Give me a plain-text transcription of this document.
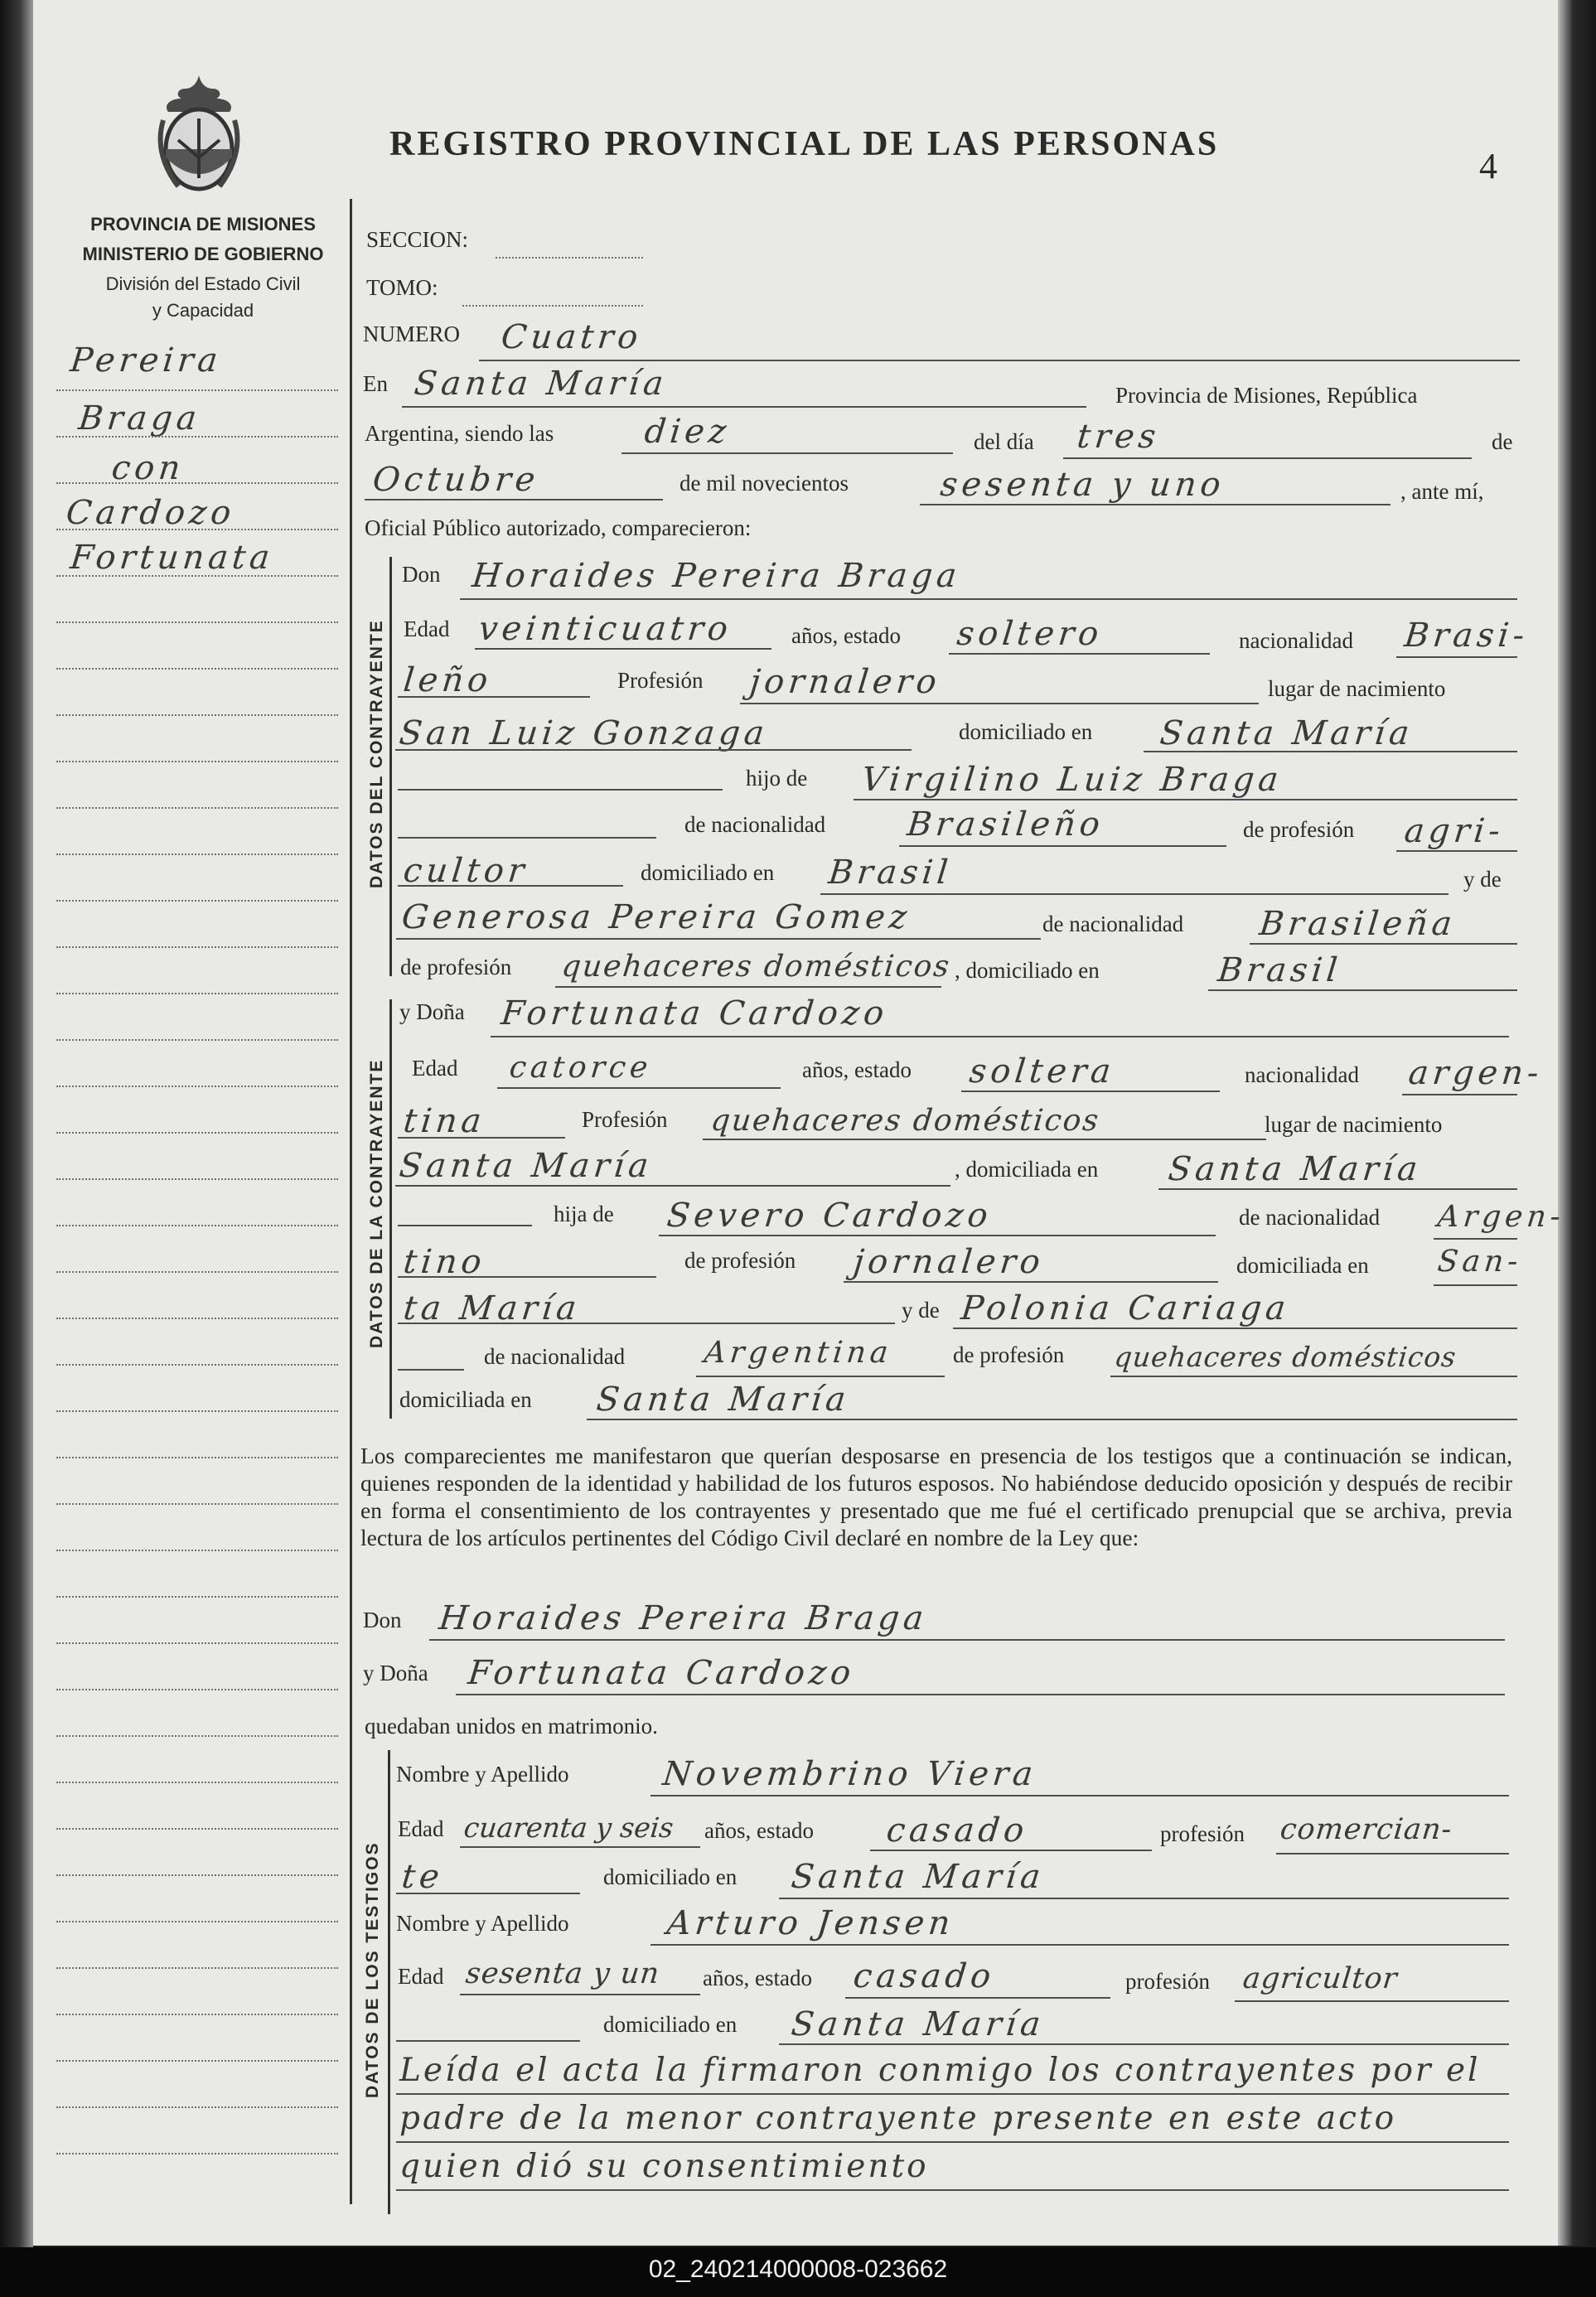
REGISTRO PROVINCIAL DE LAS PERSONAS
4
PROVINCIA DE MISIONES
MINISTERIO DE GOBIERNO
División del Estado Civil
y Capacidad
Pereira
Braga
con
Cardozo
Fortunata
SECCION:
TOMO:
NUMERO Cuatro
En Santa María	Provincia de Misiones, República
Argentina, siendo las	diez	del día tres	de
Octubre	de mil novecientos	sesenta y uno	, ante mí,
Oficial Público autorizado, comparecieron:
DATOS DEL CONTRAYENTE
Don Horaides Pereira Braga
Edad veinticuatro	años, estado soltero	nacionalidad Brasi-
leño	Profesión jornalero	lugar de nacimiento
San Luiz Gonzaga	domiciliado en Santa María
hijo de Virgilino Luiz Braga
de nacionalidad Brasileño	de profesión agri-
cultor	domiciliado en Brasil	y de
Generosa Pereira Gomez	de nacionalidad Brasileña
de profesión quehaceres domésticos , domiciliado en	Brasil
DATOS DE LA CONTRAYENTE
y Doña Fortunata Cardozo
Edad catorce	años, estado soltera	nacionalidad argen-
tina	Profesión quehaceres domésticos	lugar de nacimiento
Santa María	, domiciliada en Santa María
hija de Severo Cardozo	de nacionalidad Argen-
tino	de profesión jornalero	domiciliada en San-
ta María	y de Polonia Cariaga
de nacionalidad	Argentina	de profesión quehaceres domésticos
domiciliada en Santa María
Los comparecientes me manifestaron que querían desposarse en presencia de los testigos que a continuación se indican, quienes responden de la identidad y habilidad de los futuros esposos. No habiéndose deducido oposición y después de recibir en forma el consentimiento de los contrayentes y presentado que me fué el certificado prenupcial que se archiva, previa lectura de los artículos pertinentes del Código Civil declaré en nombre de la Ley que:
Don Horaides Pereira Braga
y Doña Fortunata Cardozo
quedaban unidos en matrimonio.
DATOS DE LOS TESTIGOS
Nombre y Apellido	Novembrino Viera
Edad cuarenta y seis años, estado casado	profesión comercian-
te	domiciliado en Santa María
Nombre y Apellido	Arturo Jensen
Edad sesenta y un años, estado casado	profesión agricultor
domiciliado en Santa María
Leída el acta la firmaron conmigo los contrayentes por el padre de la menor contrayente presente en este acto quien dió su consentimiento
02_240214000008-023662
